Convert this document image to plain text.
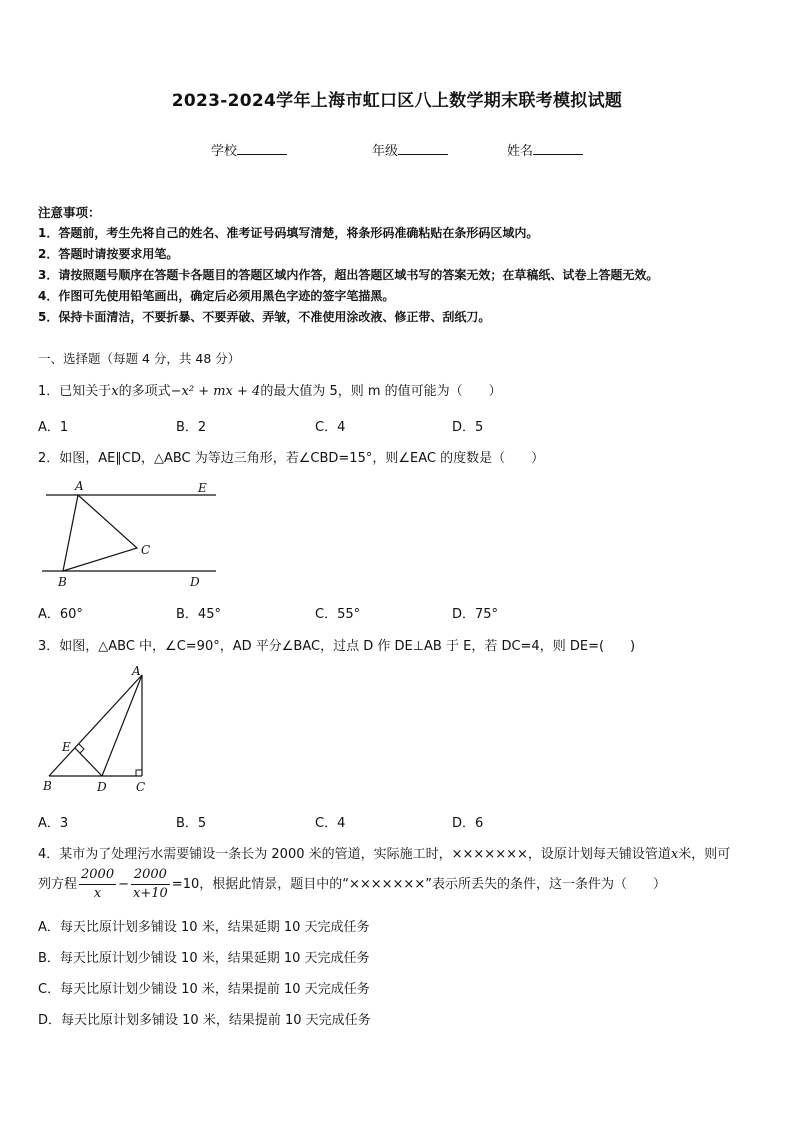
2023-2024学年上海市虹口区八上数学期末联考模拟试题
学校	年级	姓名
注意事项：
1．答题前，考生先将自己的姓名、准考证号码填写清楚，将条形码准确粘贴在条形码区域内。
2．答题时请按要求用笔。
3．请按照题号顺序在答题卡各题目的答题区域内作答，超出答题区域书写的答案无效；在草稿纸、试卷上答题无效。
4．作图可先使用铅笔画出，确定后必须用黑色字迹的签字笔描黑。
5．保持卡面清洁，不要折暴、不要弄破、弄皱，不准使用涂改液、修正带、刮纸刀。
一、选择题（每题 4 分，共 48 分）
1．已知关于x的多项式−x² + mx + 4的最大值为 5，则 m 的值可能为（　　）
A．1	B．2	C．4	D．5
2．如图，AE∥CD，△ABC 为等边三角形，若∠CBD=15°，则∠EAC 的度数是（　　）
A	E
C
B	D
A．60°	B．45°	C．55°	D．75°
3．如图，△ABC 中，∠C=90°，AD 平分∠BAC，过点 D 作 DE⊥AB 于 E，若 DC=4，则 DE=(　　)
A
E
B	D C
A．3	B．5	C．4	D．6
4．某市为了处理污水需要铺设一条长为 2000 米的管道，实际施工时，×××××××，设原计划每天铺设管道x米，则可
列方程 $\frac{2000}{x} - \frac{2000}{x+10} =10$，根据此情景，题目中的“×××××××”表示所丢失的条件，这一条件为（　　）
A．每天比原计划多铺设 10 米，结果延期 10 天完成任务
B．每天比原计划少铺设 10 米，结果延期 10 天完成任务
C．每天比原计划少铺设 10 米，结果提前 10 天完成任务
D．每天比原计划多铺设 10 米，结果提前 10 天完成任务
